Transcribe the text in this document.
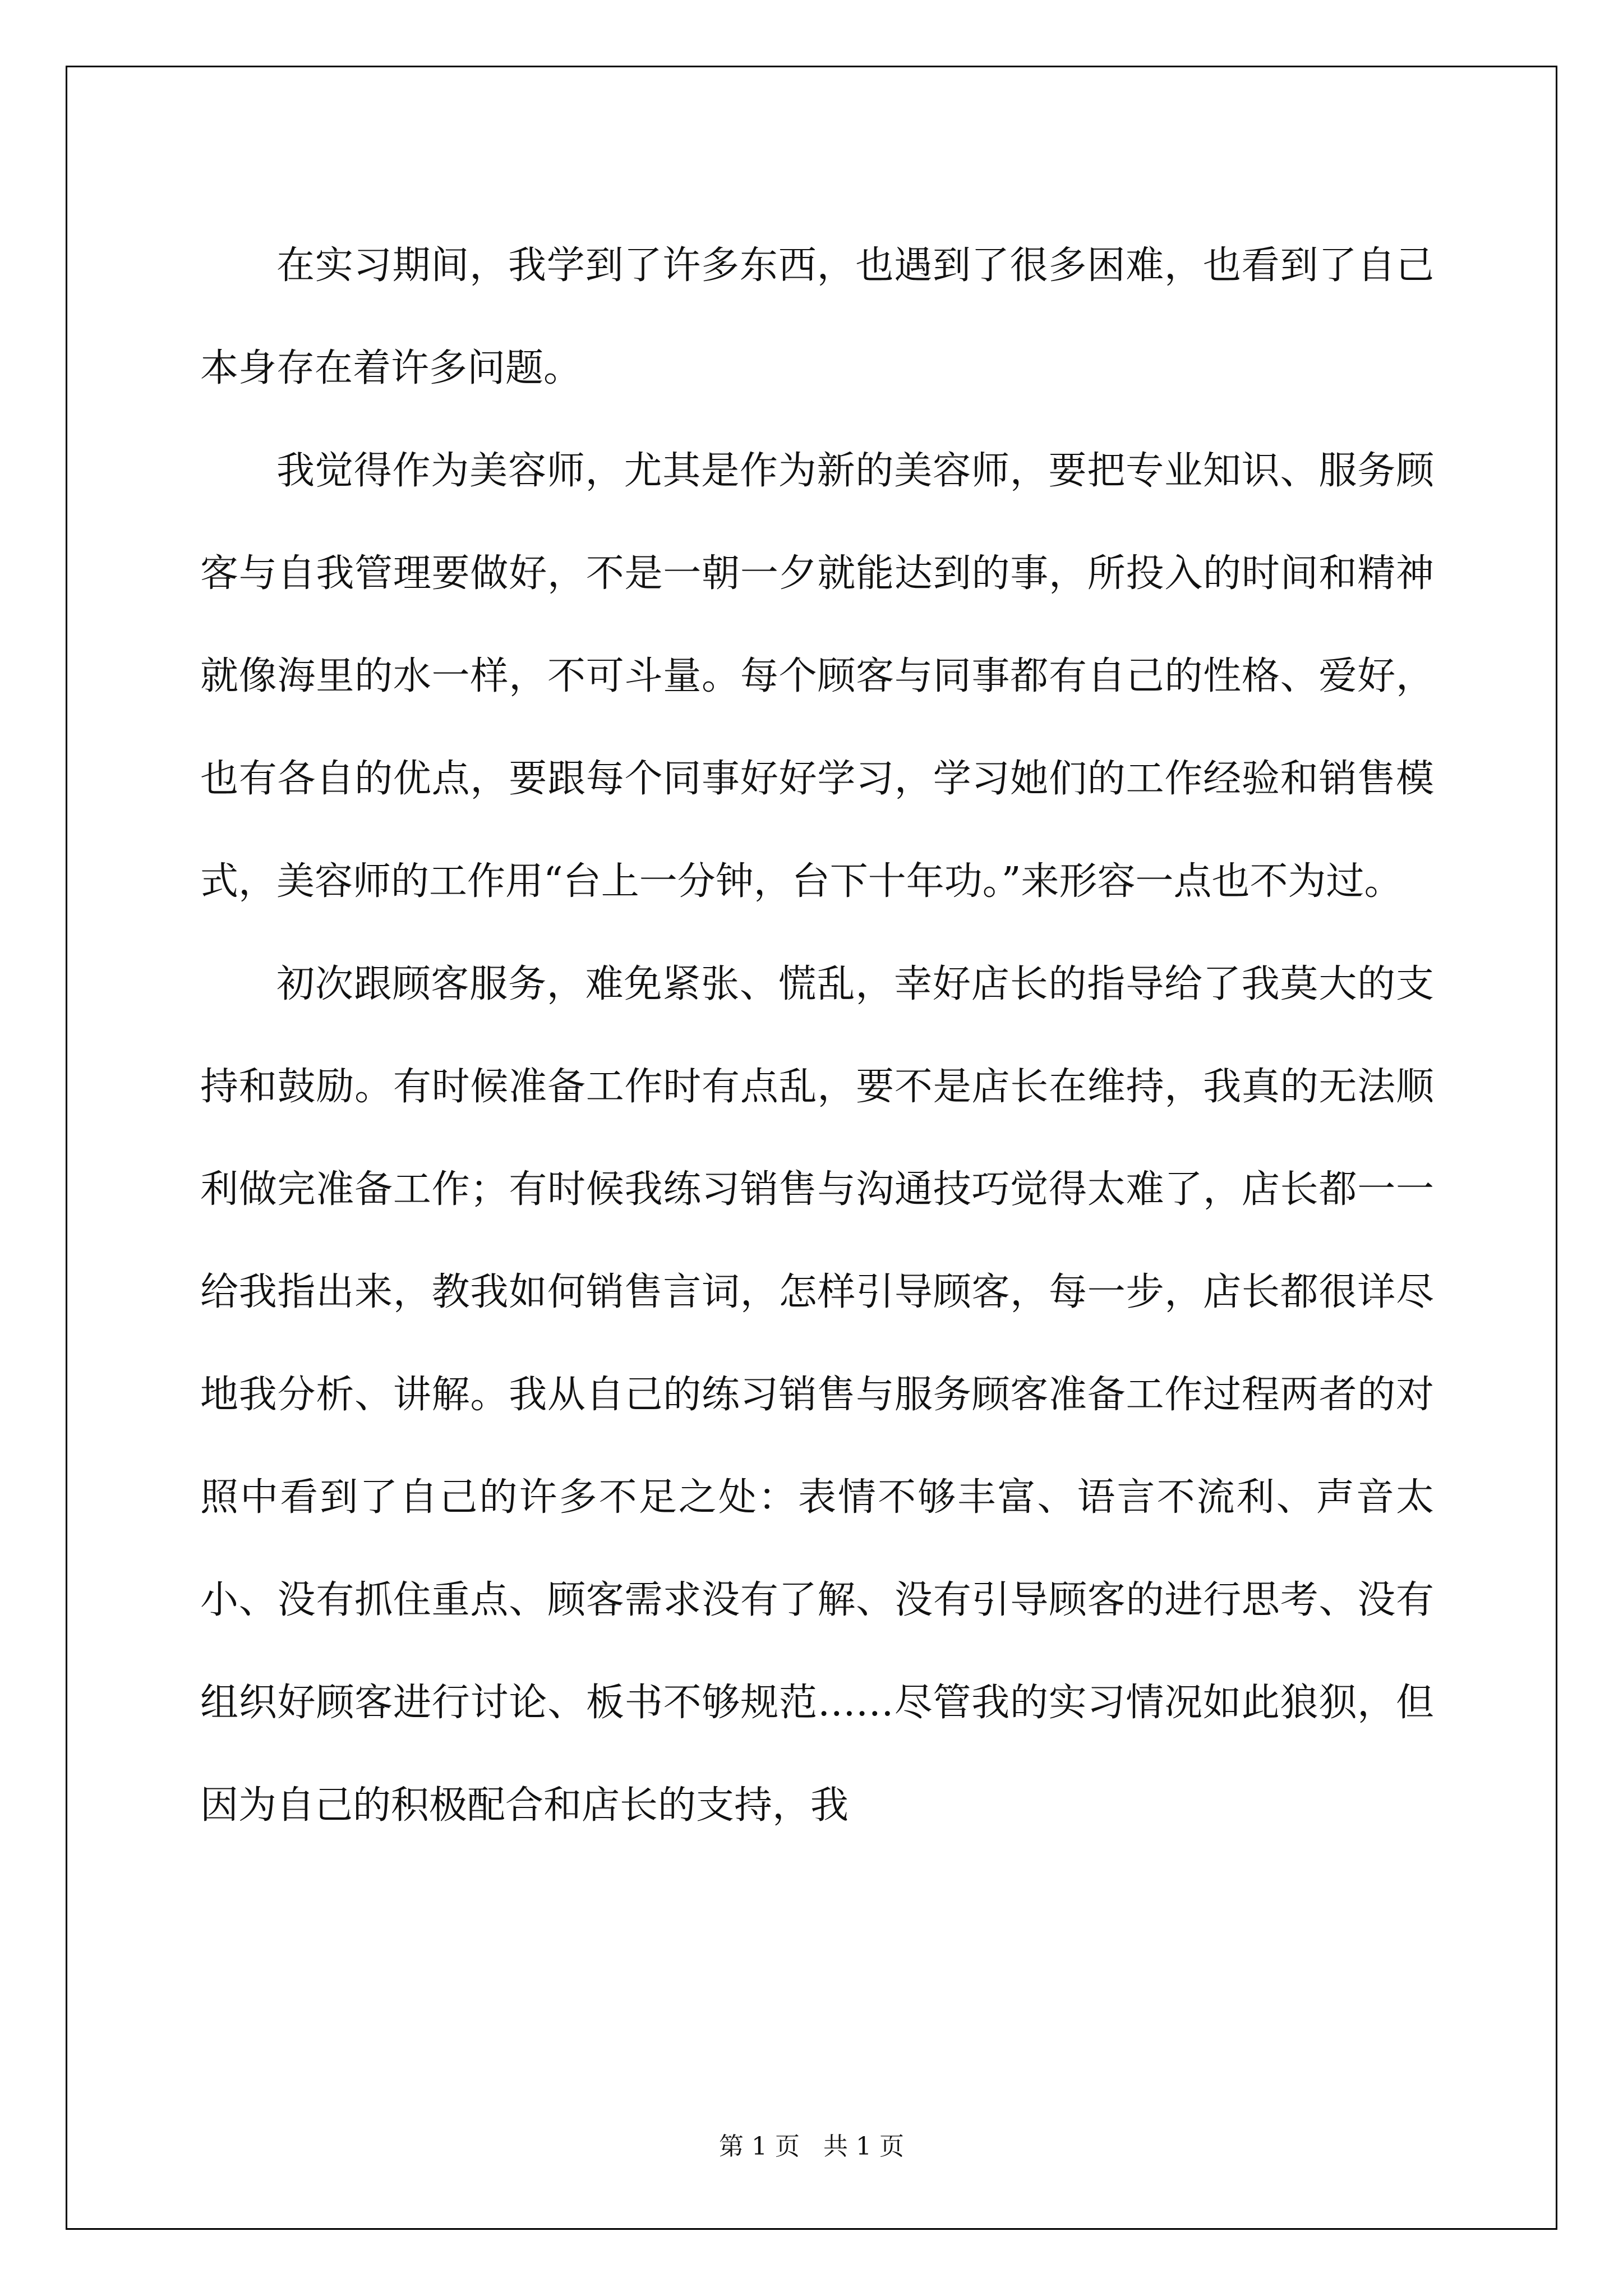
在实习期间，我学到了许多东西，也遇到了很多困难，也看到了自己本身存在着许多问题。

我觉得作为美容师，尤其是作为新的美容师，要把专业知识、服务顾客与自我管理要做好，不是一朝一夕就能达到的事，所投入的时间和精神就像海里的水一样，不可斗量。每个顾客与同事都有自己的性格、爱好，也有各自的优点，要跟每个同事好好学习，学习她们的工作经验和销售模式，美容师的工作用“台上一分钟，台下十年功。”来形容一点也不为过。

初次跟顾客服务，难免紧张、慌乱，幸好店长的指导给了我莫大的支持和鼓励。有时候准备工作时有点乱，要不是店长在维持，我真的无法顺利做完准备工作；有时候我练习销售与沟通技巧觉得太难了，店长都一一给我指出来，教我如何销售言词，怎样引导顾客，每一步，店长都很详尽地我分析、讲解。我从自己的练习销售与服务顾客准备工作过程两者的对照中看到了自己的许多不足之处：表情不够丰富、语言不流利、声音太小、没有抓住重点、顾客需求没有了解、没有引导顾客的进行思考、没有组织好顾客进行讨论、板书不够规范……尽管我的实习情况如此狼狈，但因为自己的积极配合和店长的支持，我

第 1 页   共 1 页
